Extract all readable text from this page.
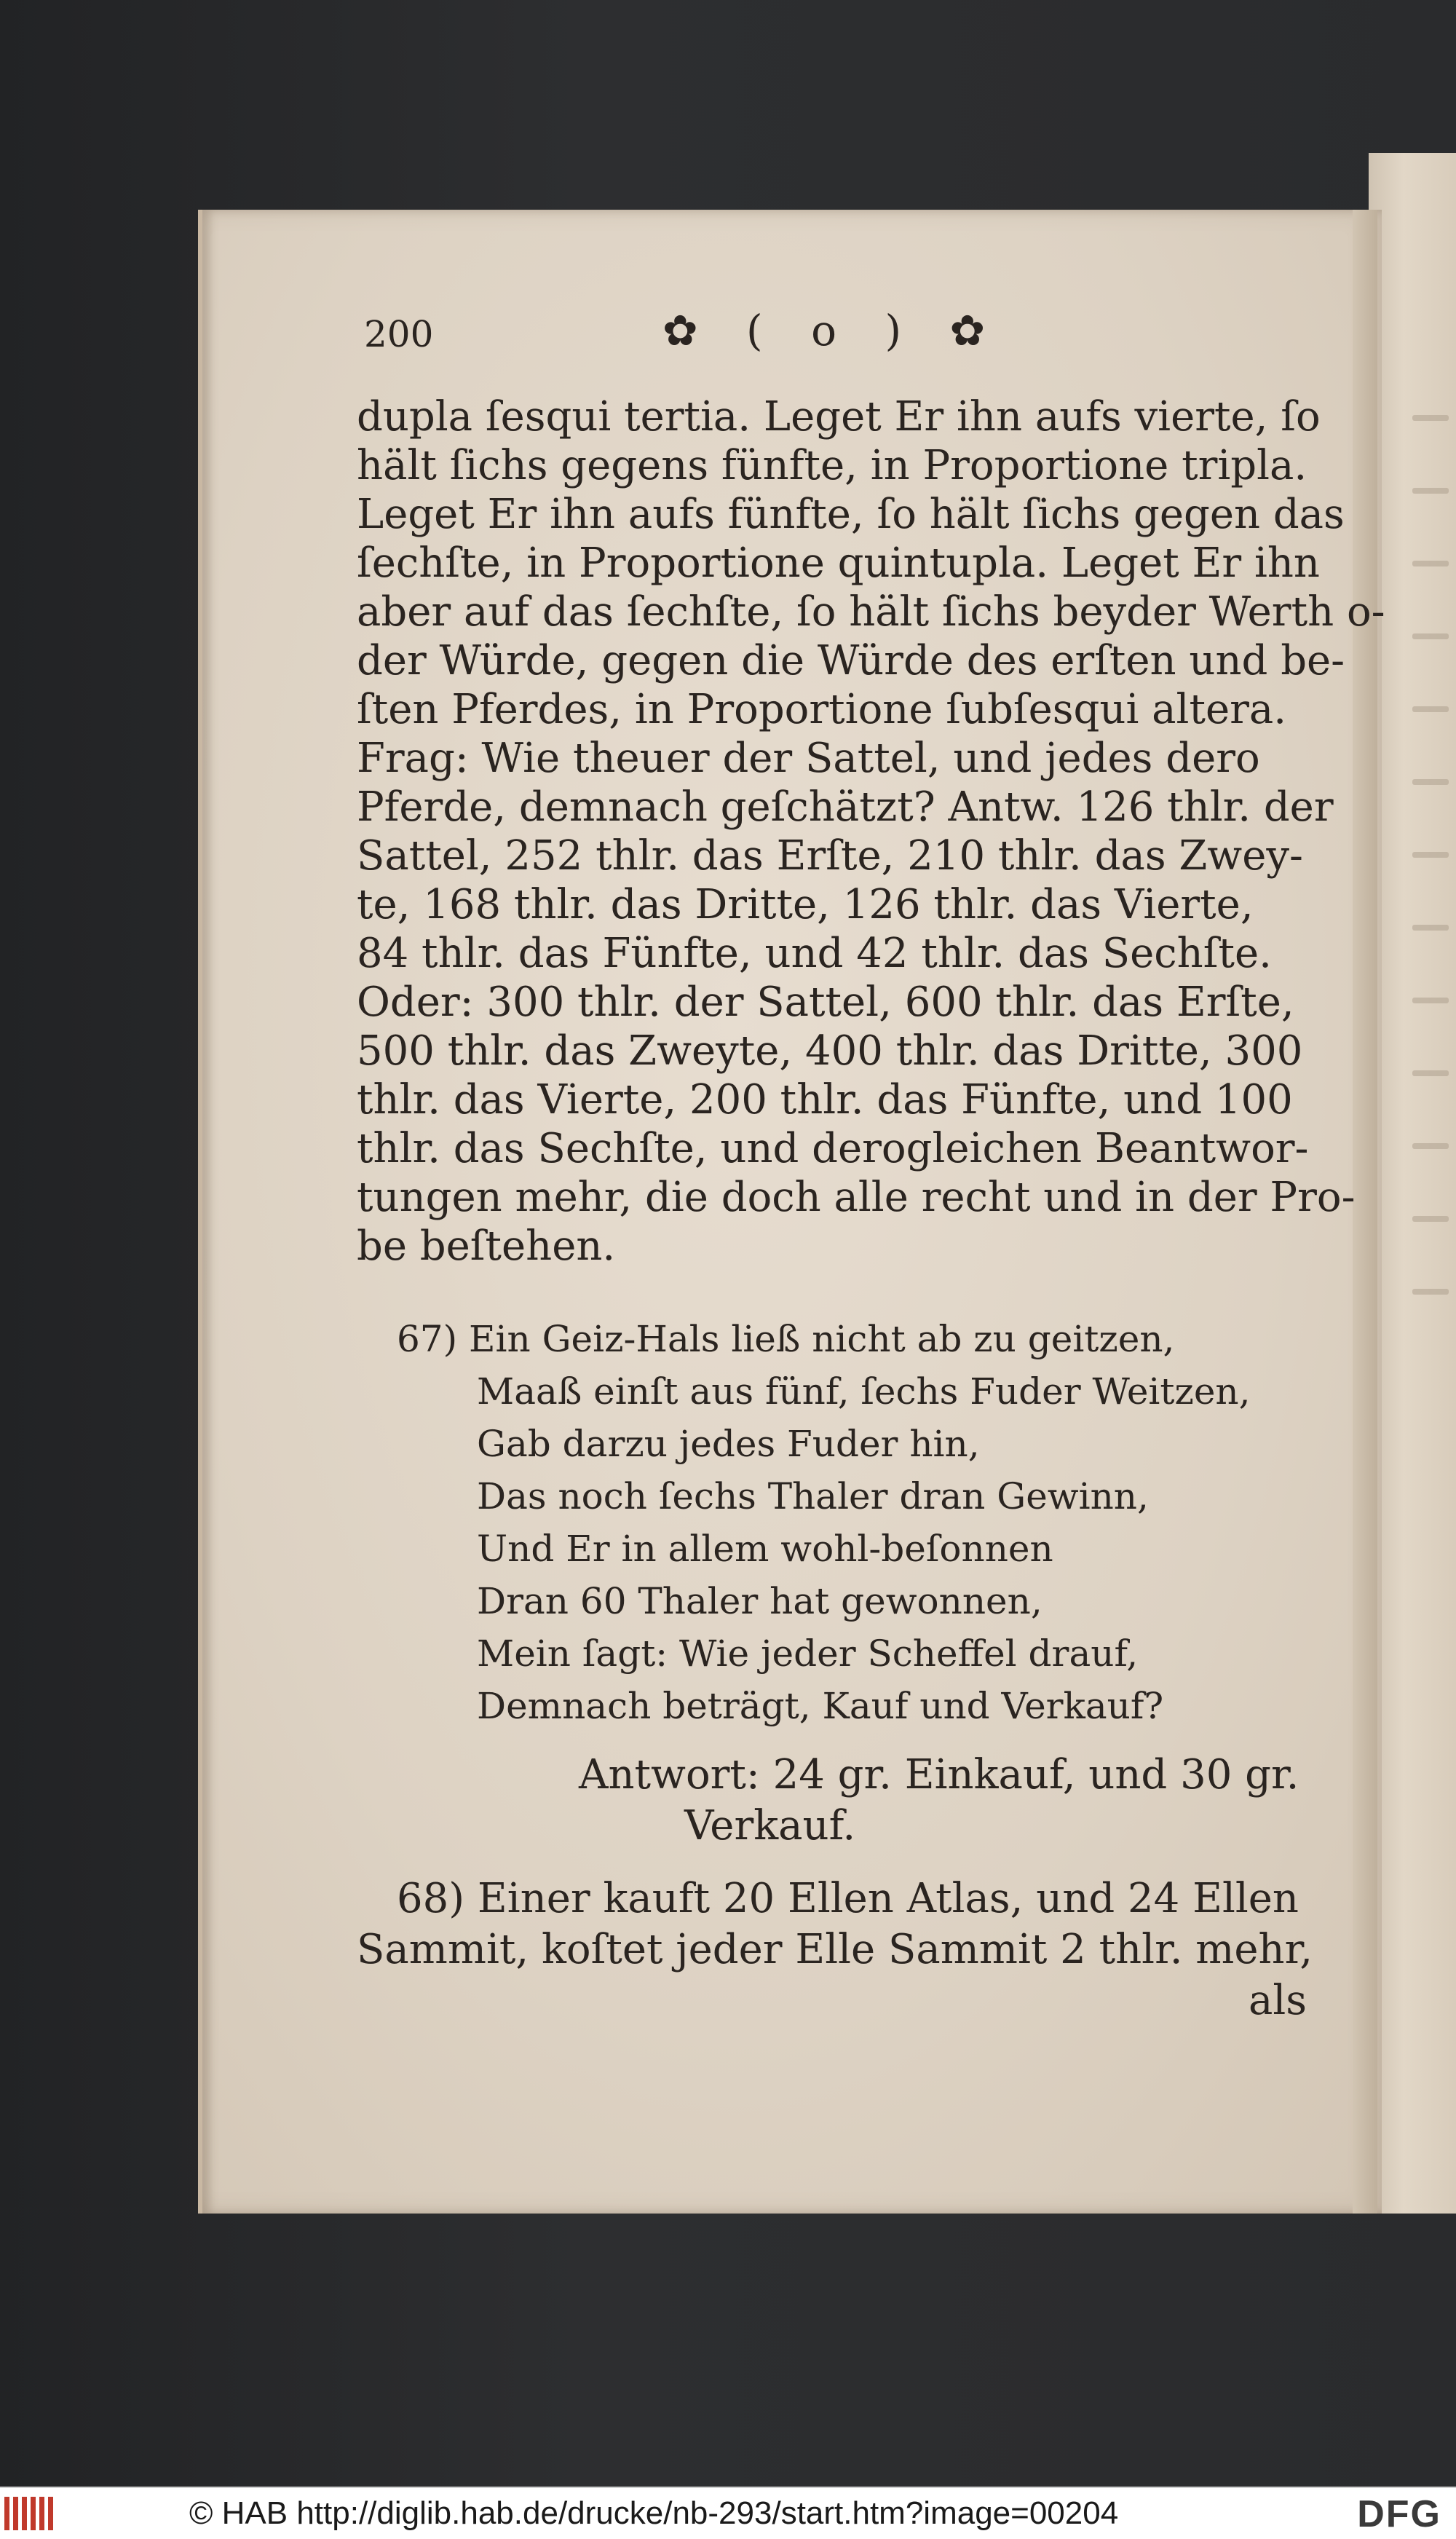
200	✿ ( o ) ✿
dupla ſesqui tertia. Leget Er ihn aufs vierte, ſo
hält ſichs gegens fünfte, in Proportione tripla.
Leget Er ihn aufs fünfte, ſo hält ſichs gegen das
ſechſte, in Proportione quintupla. Leget Er ihn
aber auf das ſechſte, ſo hält ſichs beyder Werth o-
der Würde, gegen die Würde des erſten und be-
ſten Pferdes, in Proportione ſubſesqui altera.
Frag: Wie theuer der Sattel, und jedes dero
Pferde, demnach geſchätzt? Antw. 126 thlr. der
Sattel, 252 thlr. das Erſte, 210 thlr. das Zwey-
te, 168 thlr. das Dritte, 126 thlr. das Vierte,
84 thlr. das Fünfte, und 42 thlr. das Sechſte.
Oder: 300 thlr. der Sattel, 600 thlr. das Erſte,
500 thlr. das Zweyte, 400 thlr. das Dritte, 300
thlr. das Vierte, 200 thlr. das Fünfte, und 100
thlr. das Sechſte, und derogleichen Beantwor-
tungen mehr, die doch alle recht und in der Pro-
be beſtehen.
67) Ein Geiz-Hals ließ nicht ab zu geitzen,
Maaß einſt aus fünf, ſechs Fuder Weitzen,
Gab darzu jedes Fuder hin,
Das noch ſechs Thaler dran Gewinn,
Und Er in allem wohl-beſonnen
Dran 60 Thaler hat gewonnen,
Mein ſagt: Wie jeder Scheffel drauf,
Demnach beträgt, Kauf und Verkauf?
Antwort: 24 gr. Einkauf, und 30 gr.
Verkauf.
68) Einer kauft 20 Ellen Atlas, und 24 Ellen
Sammit, koſtet jeder Elle Sammit 2 thlr. mehr,
als
© HAB http://diglib.hab.de/drucke/nb-293/start.htm?image=00204	DFG
